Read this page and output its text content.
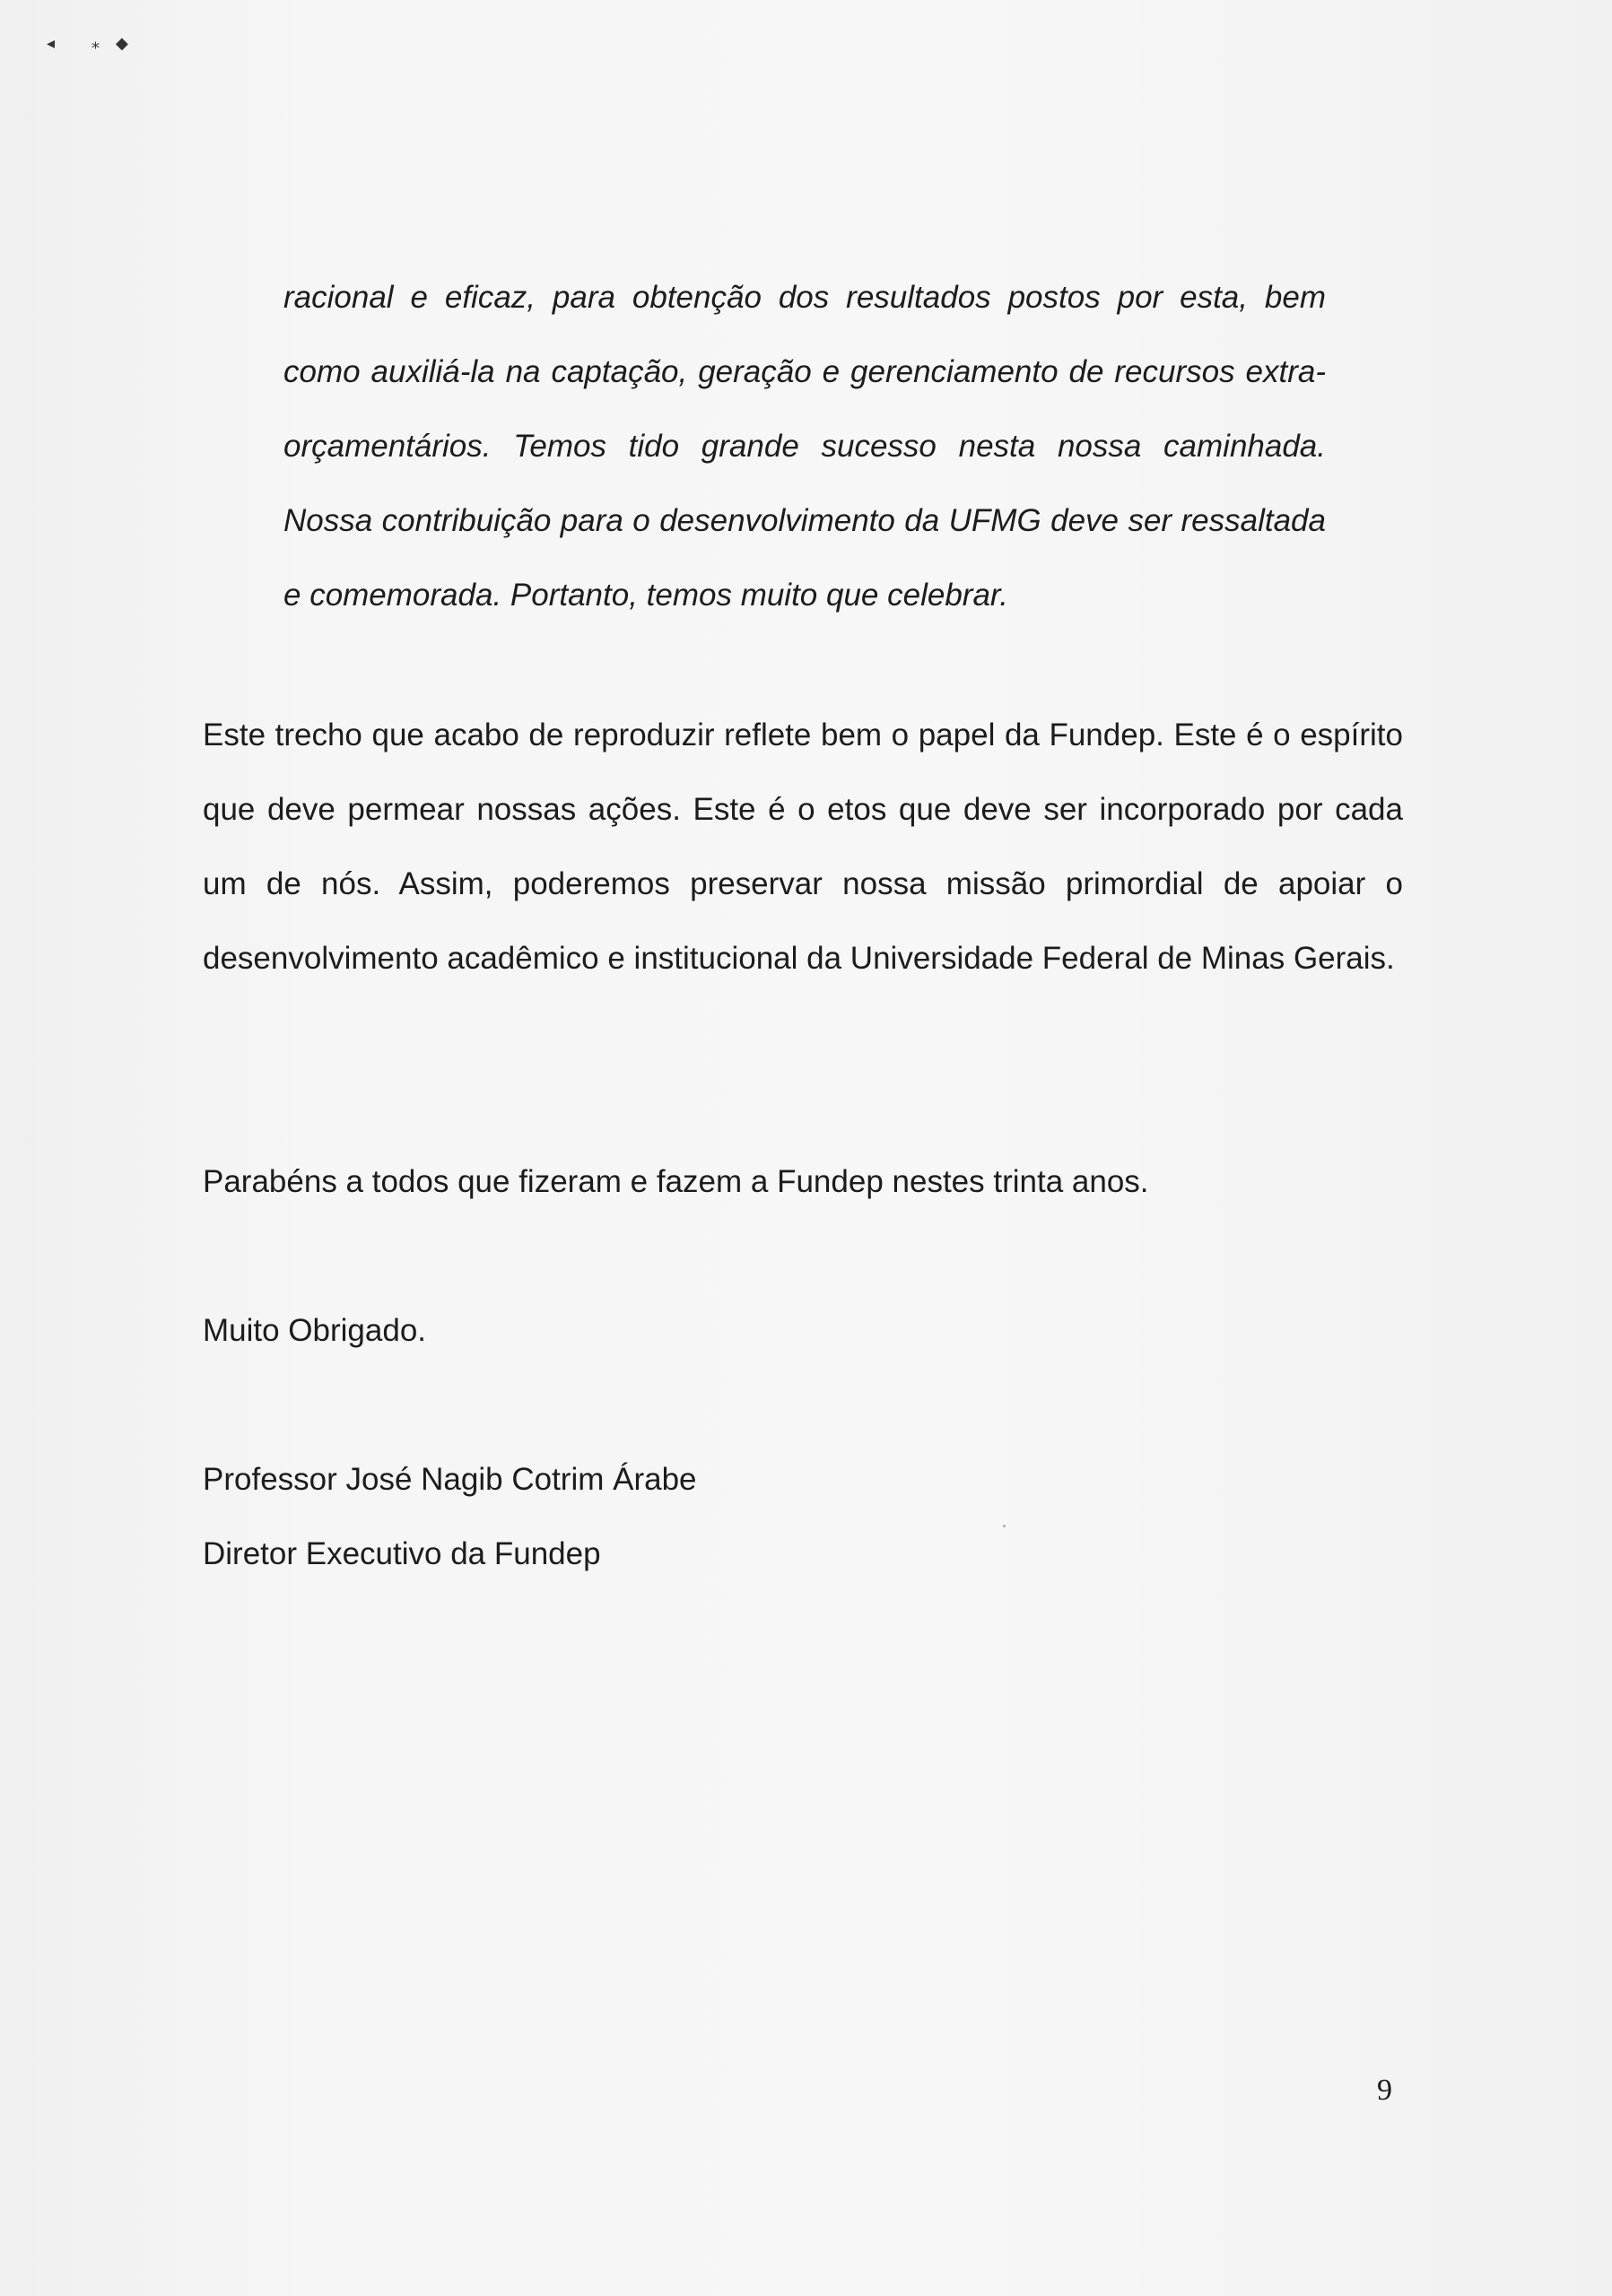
◂ ⁎◆

racional e eficaz, para obtenção dos resultados postos por esta, bem como auxiliá-la na captação, geração e gerenciamento de recursos extra-orçamentários. Temos tido grande sucesso nesta nossa caminhada. Nossa contribuição para o desenvolvimento da UFMG deve ser ressaltada e comemorada. Portanto, temos muito que celebrar.

Este trecho que acabo de reproduzir reflete bem o papel da Fundep. Este é o espírito que deve permear nossas ações. Este é o etos que deve ser incorporado por cada um de nós. Assim, poderemos preservar nossa missão primordial de apoiar o desenvolvimento acadêmico e institucional da Universidade Federal de Minas Gerais.

Parabéns a todos que fizeram e fazem a Fundep nestes trinta anos.

Muito Obrigado.

Professor José Nagib Cotrim Árabe
Diretor Executivo da Fundep
9
